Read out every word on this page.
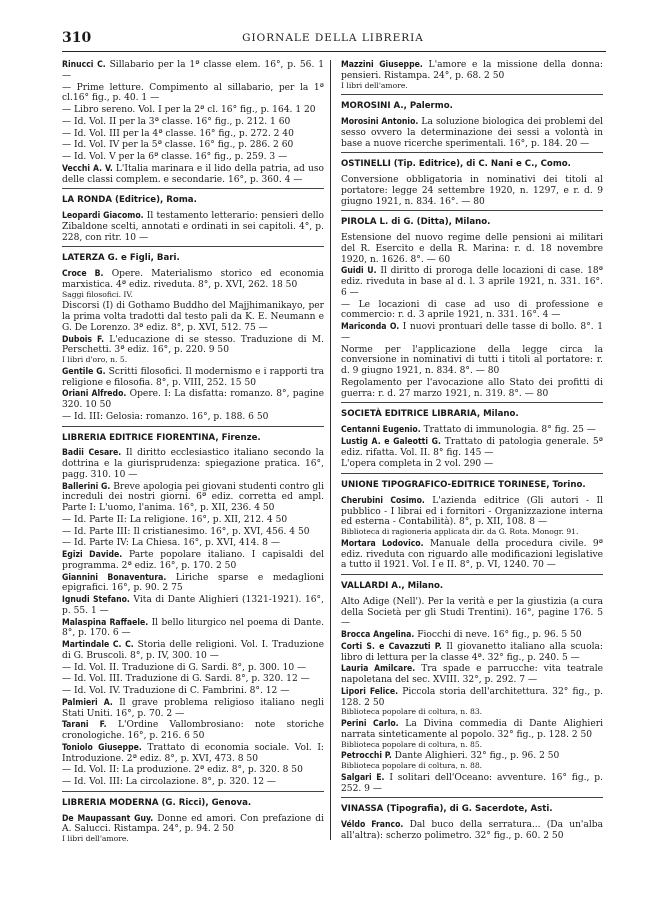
310	GIORNALE DELLA LIBRERIA
Rinucci C. Sillabario per la 1ª classe elem. 16°, p. 56. 1 —
— Prime letture. Compimento al sillabario, per la 1ª cl.16° fig., p. 40. 1 —
— Libro sereno. Vol. I per la 2ª cl. 16° fig., p. 164. 1 20
— Id. Vol. II per la 3ª classe. 16° fig., p. 212. 1 60
— Id. Vol. III per la 4ª classe. 16° fig., p. 272. 2 40
— Id. Vol. IV per la 5ª classe. 16° fig., p. 286. 2 60
— Id. Vol. V per la 6ª classe. 16° fig., p. 259. 3 —
Vecchi A. V. L'Italia marinara e il lido della patria, ad uso delle classi complem. e secondarie. 16°, p. 360. 4 —
LA RONDA (Editrice), Roma.
Leopardi Giacomo. Il testamento letterario: pensieri dello Zibaldone scelti, annotati e ordinati in sei capitoli. 4°, p. 228, con ritr. 10 —
LATERZA G. e Figli, Bari.
Croce B. Opere. Materialismo storico ed economia marxistica. 4ª ediz. riveduta. 8°, p. XVI, 262. 18 50
Saggi filosofici. IV.
Discorsi (I) di Gothamo Buddho del Majjhimanikayo, per la prima volta tradotti dal testo pali da K. E. Neumann e G. De Lorenzo. 3ª ediz. 8°, p. XVI, 512. 75 —
Dubois F. L'educazione di se stesso. Traduzione di M. Perschetti. 3ª ediz. 16°, p. 220. 9 50
I libri d'oro, n. 5.
Gentile G. Scritti filosofici. Il modernismo e i rapporti tra religione e filosofia. 8°, p. VIII, 252. 15 50
Oriani Alfredo. Opere. I: La disfatta: romanzo. 8°, pagine 320. 10 50
— Id. III: Gelosia: romanzo. 16°, p. 188. 6 50
LIBRERIA EDITRICE FIORENTINA, Firenze.
Badii Cesare. Il diritto ecclesiastico italiano secondo la dottrina e la giurisprudenza: spiegazione pratica. 16°, pagg. 310. 10 —
Ballerini G. Breve apologia pei giovani studenti contro gli increduli dei nostri giorni. 6ª ediz. corretta ed ampl. Parte I: L'uomo, l'anima. 16°, p. XII, 236. 4 50
— Id. Parte II: La religione. 16°, p. XII, 212. 4 50
— Id. Parte III: Il cristianesimo. 16°, p. XVI, 456. 4 50
— Id. Parte IV: La Chiesa. 16°, p. XVI, 414. 8 —
Egizi Davide. Parte popolare italiano. I capisaldi del programma. 2ª ediz. 16°, p. 170. 2 50
Giannini Bonaventura. Liriche sparse e medaglioni epigrafici. 16°, p. 90. 2 75
Ignudi Stefano. Vita di Dante Alighieri (1321-1921). 16°, p. 55. 1 —
Malaspina Raffaele. Il bello liturgico nel poema di Dante. 8°, p. 170. 6 —
Martindale C. C. Storia delle religioni. Vol. I. Traduzione di G. Bruscoli. 8°, p. IV, 300. 10 —
— Id. Vol. II. Traduzione di G. Sardi. 8°, p. 300. 10 —
— Id. Vol. III. Traduzione di G. Sardi. 8°, p. 320. 12 —
— Id. Vol. IV. Traduzione di C. Fambrini. 8°. 12 —
Palmieri A. Il grave problema religioso italiano negli Stati Uniti. 16°, p. 70. 2 —
Tarani F. L'Ordine Vallombrosiano: note storiche cronologiche. 16°, p. 216. 6 50
Toniolo Giuseppe. Trattato di economia sociale. Vol. I: Introduzione. 2ª ediz. 8°, p. XVI, 473. 8 50
— Id. Vol. II: La produzione. 2ª ediz. 8°, p. 320. 8 50
— Id. Vol. III: La circolazione. 8°, p. 320. 12 —
LIBRERIA MODERNA (G. Ricci), Genova.
De Maupassant Guy. Donne ed amori. Con prefazione di A. Salucci. Ristampa. 24°, p. 94. 2 50
I libri dell'amore.
Mazzini Giuseppe. L'amore e la missione della donna: pensieri. Ristampa. 24°, p. 68. 2 50
I libri dell'amore.
MOROSINI A., Palermo.
Morosini Antonio. La soluzione biologica dei problemi del sesso ovvero la determinazione dei sessi a volontà in base a nuove ricerche sperimentali. 16°, p. 184. 20 —
OSTINELLI (Tip. Editrice), di C. Nani e C., Como.
Conversione obbligatoria in nominativi dei titoli al portatore: legge 24 settembre 1920, n. 1297, e r. d. 9 giugno 1921, n. 834. 16°. — 80
PIROLA L. di G. (Ditta), Milano.
Estensione del nuovo regime delle pensioni ai militari del R. Esercito e della R. Marina: r. d. 18 novembre 1920, n. 1626. 8°. — 60
Guidi U. Il diritto di proroga delle locazioni di case. 18ª ediz. riveduta in base al d. l. 3 aprile 1921, n. 331. 16°. 6 —
— Le locazioni di case ad uso di professione e commercio: r. d. 3 aprile 1921, n. 331. 16°. 4 —
Mariconda O. I nuovi prontuari delle tasse di bollo. 8°. 1 —
Norme per l'applicazione della legge circa la conversione in nominativi di tutti i titoli al portatore: r. d. 9 giugno 1921, n. 834. 8°. — 80
Regolamento per l'avocazione allo Stato dei profitti di guerra: r. d. 27 marzo 1921, n. 319. 8°. — 80
SOCIETÀ EDITRICE LIBRARIA, Milano.
Centanni Eugenio. Trattato di immunologia. 8° fig. 25 —
Lustig A. e Galeotti G. Trattato di patologia generale. 5ª ediz. rifatta. Vol. II. 8° fig. 145 —
L'opera completa in 2 vol. 290 —
UNIONE TIPOGRAFICO-EDITRICE TORINESE, Torino.
Cherubini Cosimo. L'azienda editrice (Gli autori - Il pubblico - I librai ed i fornitori - Organizzazione interna ed esterna - Contabilità). 8°, p. XII, 108. 8 —
Biblioteca di ragioneria applicata dir. da G. Rota. Monogr. 91.
Mortara Lodovico. Manuale della procedura civile. 9ª ediz. riveduta con riguardo alle modificazioni legislative a tutto il 1921. Vol. I e II. 8°, p. VI, 1240. 70 —
VALLARDI A., Milano.
Alto Adige (Nell'). Per la verità e per la giustizia (a cura della Società per gli Studi Trentini). 16°, pagine 176. 5 —
Brocca Angelina. Fiocchi di neve. 16° fig., p. 96. 5 50
Corti S. e Cavazzuti P. Il giovanetto italiano alla scuola: libro di lettura per la classe 4ª. 32° fig., p. 240. 5 —
Lauria Amilcare. Tra spade e parrucche: vita teatrale napoletana del sec. XVIII. 32°, p. 292. 7 —
Lipori Felice. Piccola storia dell'architettura. 32° fig., p. 128. 2 50
Biblioteca popolare di coltura, n. 83.
Perini Carlo. La Divina commedia di Dante Alighieri narrata sinteticamente al popolo. 32° fig., p. 128. 2 50
Biblioteca popolare di coltura, n. 85.
Petrocchi P. Dante Alighieri. 32° fig., p. 96. 2 50
Biblioteca popolare di coltura, n. 88.
Salgari E. I solitari dell'Oceano: avventure. 16° fig., p. 252. 9 —
VINASSA (Tipografia), di G. Sacerdote, Asti.
Véldo Franco. Dal buco della serratura... (Da un'alba all'altra): scherzo polimetro. 32° fig., p. 60. 2 50
